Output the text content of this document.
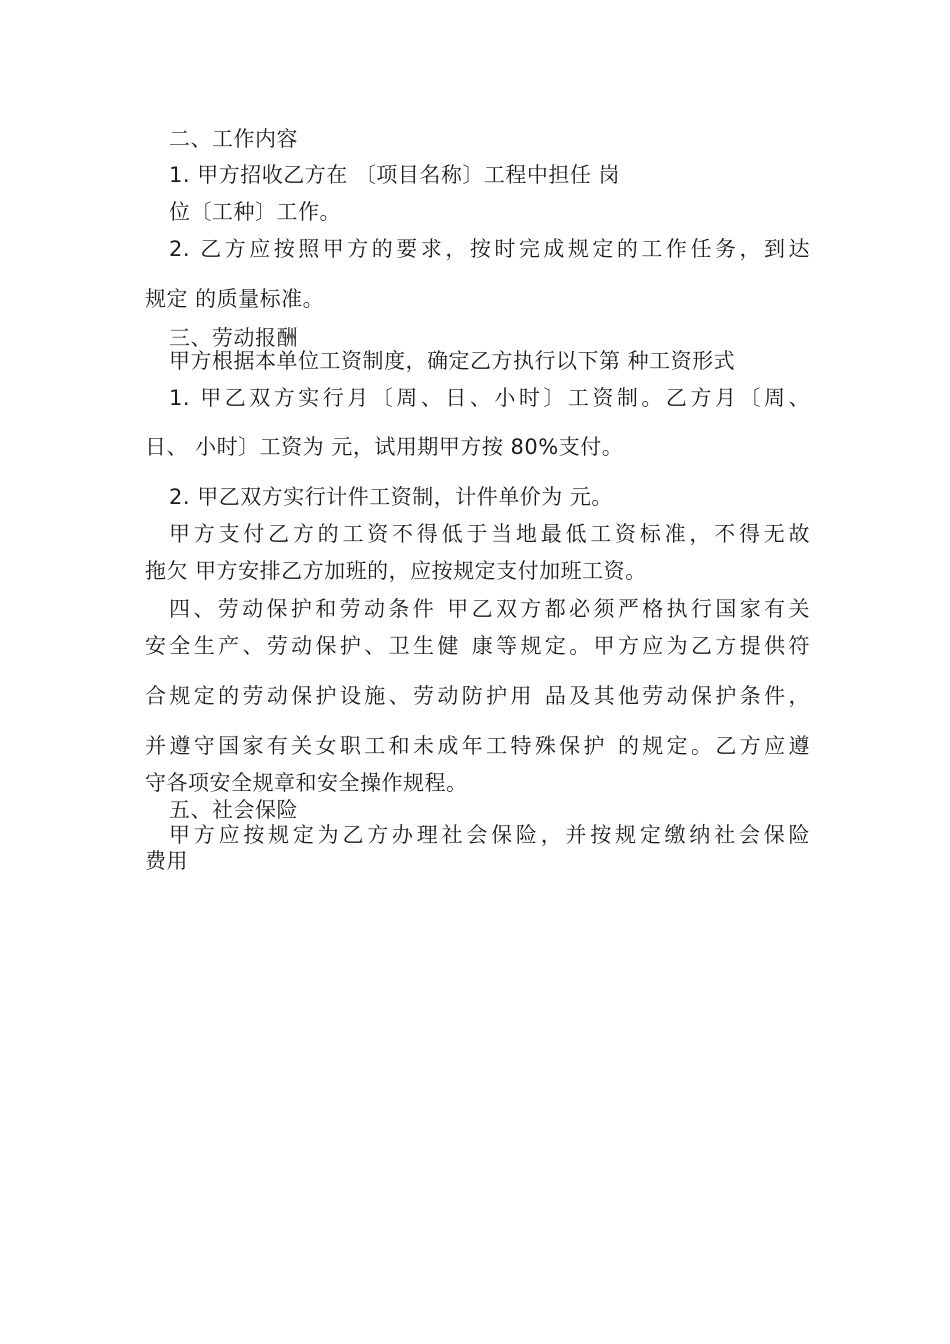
二、工作内容
1. 甲方招收乙方在 〔项目名称〕工程中担任 岗
位〔工种〕工作。
2. 乙方应按照甲方的要求，按时完成规定的工作任务，到达
规定 的质量标准。
三、劳动报酬
甲方根据本单位工资制度，确定乙方执行以下第 种工资形式
1. 甲乙双方实行月〔周、日、小时〕工资制。乙方月〔周、
日、 小时〕工资为 元，试用期甲方按 80%支付。
2. 甲乙双方实行计件工资制，计件单价为 元。
甲方支付乙方的工资不得低于当地最低工资标准，不得无故
拖欠 甲方安排乙方加班的，应按规定支付加班工资。
四、劳动保护和劳动条件 甲乙双方都必须严格执行国家有关
安全生产、劳动保护、卫生健 康等规定。甲方应为乙方提供符
合规定的劳动保护设施、劳动防护用 品及其他劳动保护条件，
并遵守国家有关女职工和未成年工特殊保护 的规定。乙方应遵
守各项安全规章和安全操作规程。
五、社会保险
甲方应按规定为乙方办理社会保险，并按规定缴纳社会保险
费用
